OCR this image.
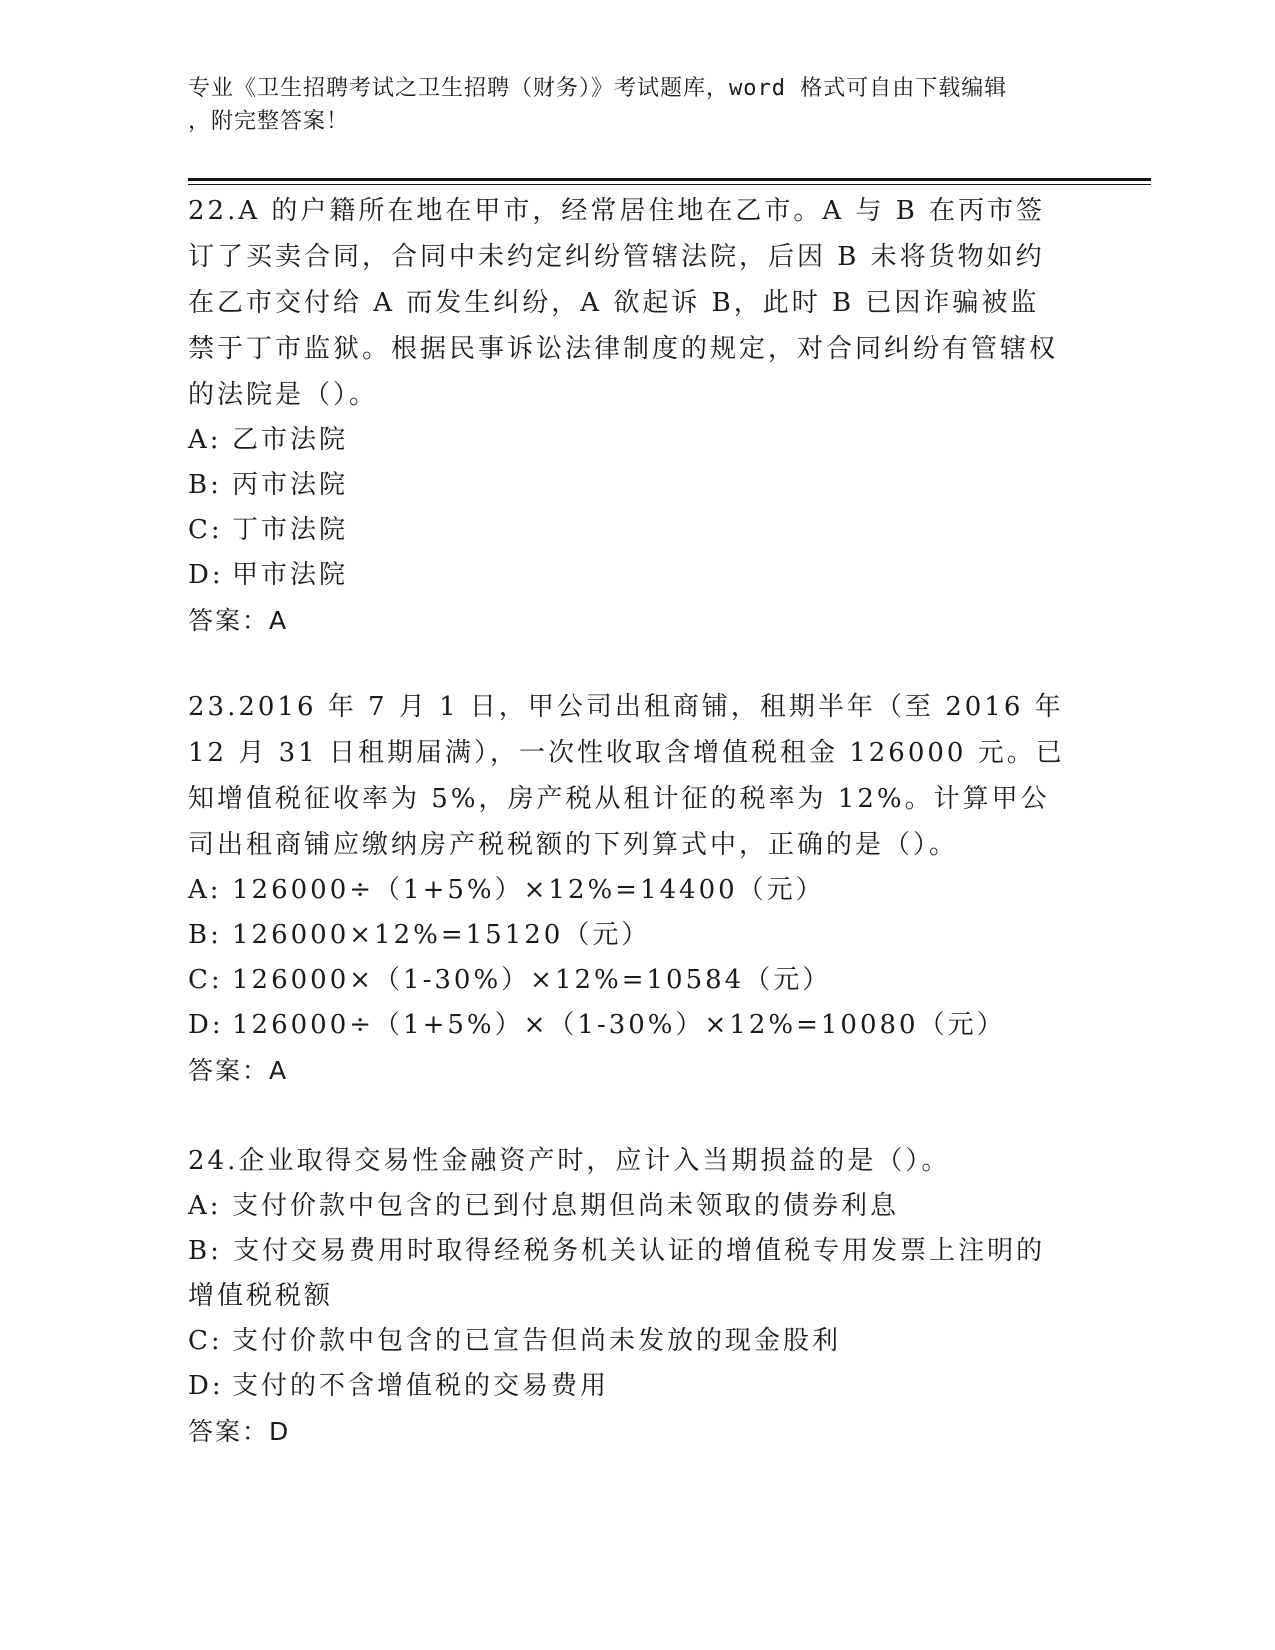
专业《卫生招聘考试之卫生招聘（财务）》考试题库，word 格式可自由下载编辑
，附完整答案！

22.A 的户籍所在地在甲市，经常居住地在乙市。A 与 B 在丙市签订了买卖合同，合同中未约定纠纷管辖法院，后因 B 未将货物如约在乙市交付给 A 而发生纠纷，A 欲起诉 B，此时 B 已因诈骗被监禁于丁市监狱。根据民事诉讼法律制度的规定，对合同纠纷有管辖权的法院是（）。

A: 乙市法院

B: 丙市法院

C: 丁市法院

D: 甲市法院

答案：A

23.2016 年 7 月 1 日，甲公司出租商铺，租期半年（至 2016 年 12 月 31 日租期届满），一次性收取含增值税租金 126000 元。已知增值税征收率为 5%，房产税从租计征的税率为 12%。计算甲公司出租商铺应缴纳房产税税额的下列算式中，正确的是（）。

A: 126000÷（1+5%）×12%=14400（元）

B: 126000×12%=15120（元）

C: 126000×（1-30%）×12%=10584（元）

D: 126000÷（1+5%）×（1-30%）×12%=10080（元）

答案：A

24.企业取得交易性金融资产时，应计入当期损益的是（）。

A: 支付价款中包含的已到付息期但尚未领取的债券利息

B: 支付交易费用时取得经税务机关认证的增值税专用发票上注明的增值税税额

C: 支付价款中包含的已宣告但尚未发放的现金股利

D: 支付的不含增值税的交易费用

答案：D
